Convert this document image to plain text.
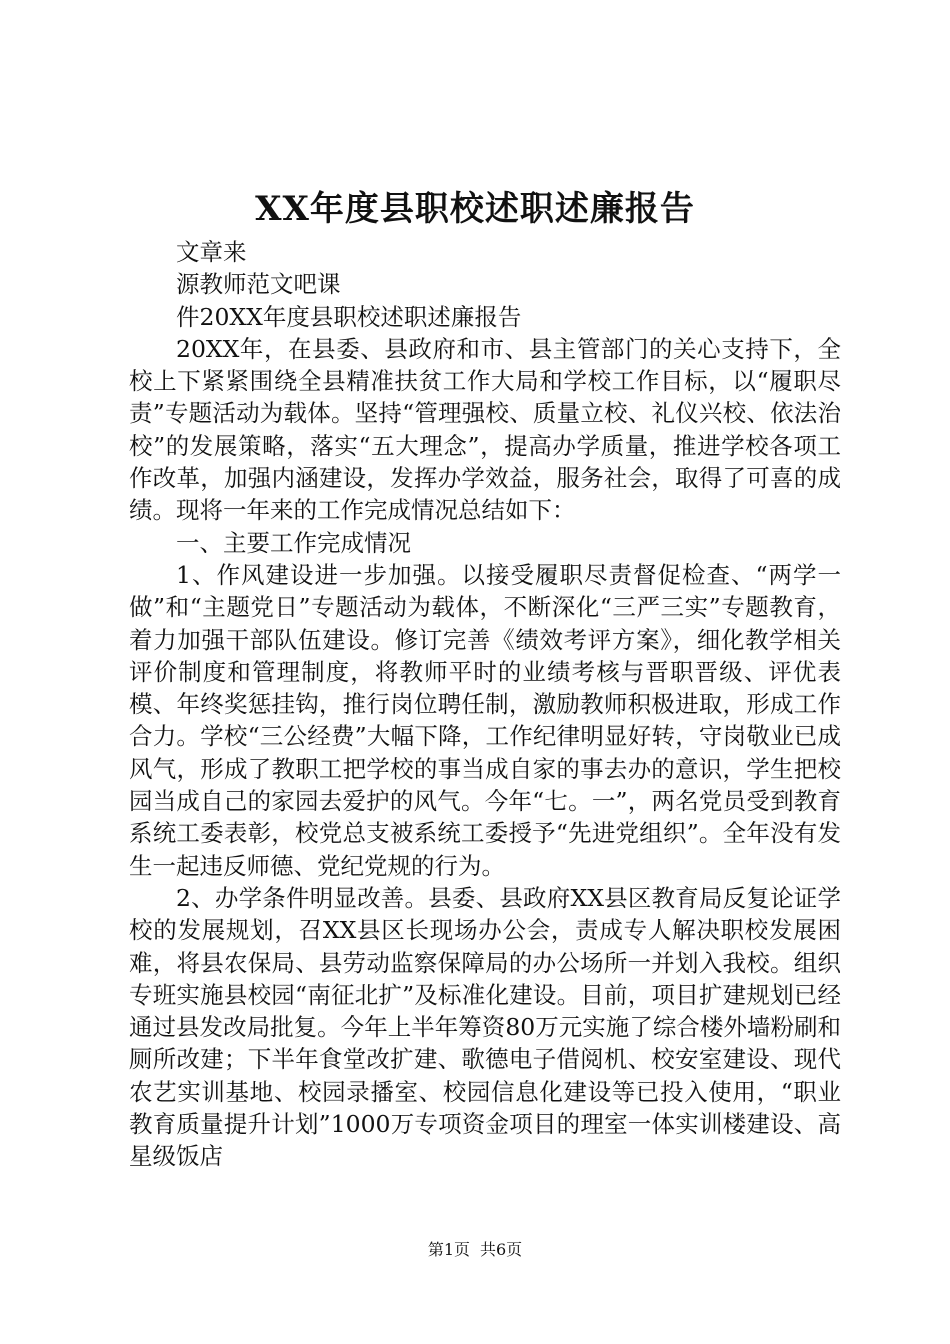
XX年度县职校述职述廉报告

文章来

源教师范文吧课

件20XX年度县职校述职述廉报告

20XX年，在县委、县政府和市、县主管部门的关心支持下，全校上下紧紧围绕全县精准扶贫工作大局和学校工作目标，以“履职尽责”专题活动为载体。坚持“管理强校、质量立校、礼仪兴校、依法治校”的发展策略，落实“五大理念”，提高办学质量，推进学校各项工作改革，加强内涵建设，发挥办学效益，服务社会，取得了可喜的成绩。现将一年来的工作完成情况总结如下：

一、主要工作完成情况

1、作风建设进一步加强。以接受履职尽责督促检查、“两学一做”和“主题党日”专题活动为载体，不断深化“三严三实”专题教育，着力加强干部队伍建设。修订完善《绩效考评方案》，细化教学相关评价制度和管理制度，将教师平时的业绩考核与晋职晋级、评优表模、年终奖惩挂钩，推行岗位聘任制，激励教师积极进取，形成工作合力。学校“三公经费”大幅下降，工作纪律明显好转，守岗敬业已成风气，形成了教职工把学校的事当成自家的事去办的意识，学生把校园当成自己的家园去爱护的风气。今年“七。一”，两名党员受到教育系统工委表彰，校党总支被系统工委授予“先进党组织”。全年没有发生一起违反师德、党纪党规的行为。

2、办学条件明显改善。县委、县政府XX县区教育局反复论证学校的发展规划，召XX县区长现场办公会，责成专人解决职校发展困难，将县农保局、县劳动监察保障局的办公场所一并划入我校。组织专班实施县校园“南征北扩”及标准化建设。目前，项目扩建规划已经通过县发改局批复。今年上半年筹资80万元实施了综合楼外墙粉刷和厕所改建；下半年食堂改扩建、歌德电子借阅机、校安室建设、现代农艺实训基地、校园录播室、校园信息化建设等已投入使用，“职业教育质量提升计划”1000万专项资金项目的理室一体实训楼建设、高星级饭店

第1页 共6页
